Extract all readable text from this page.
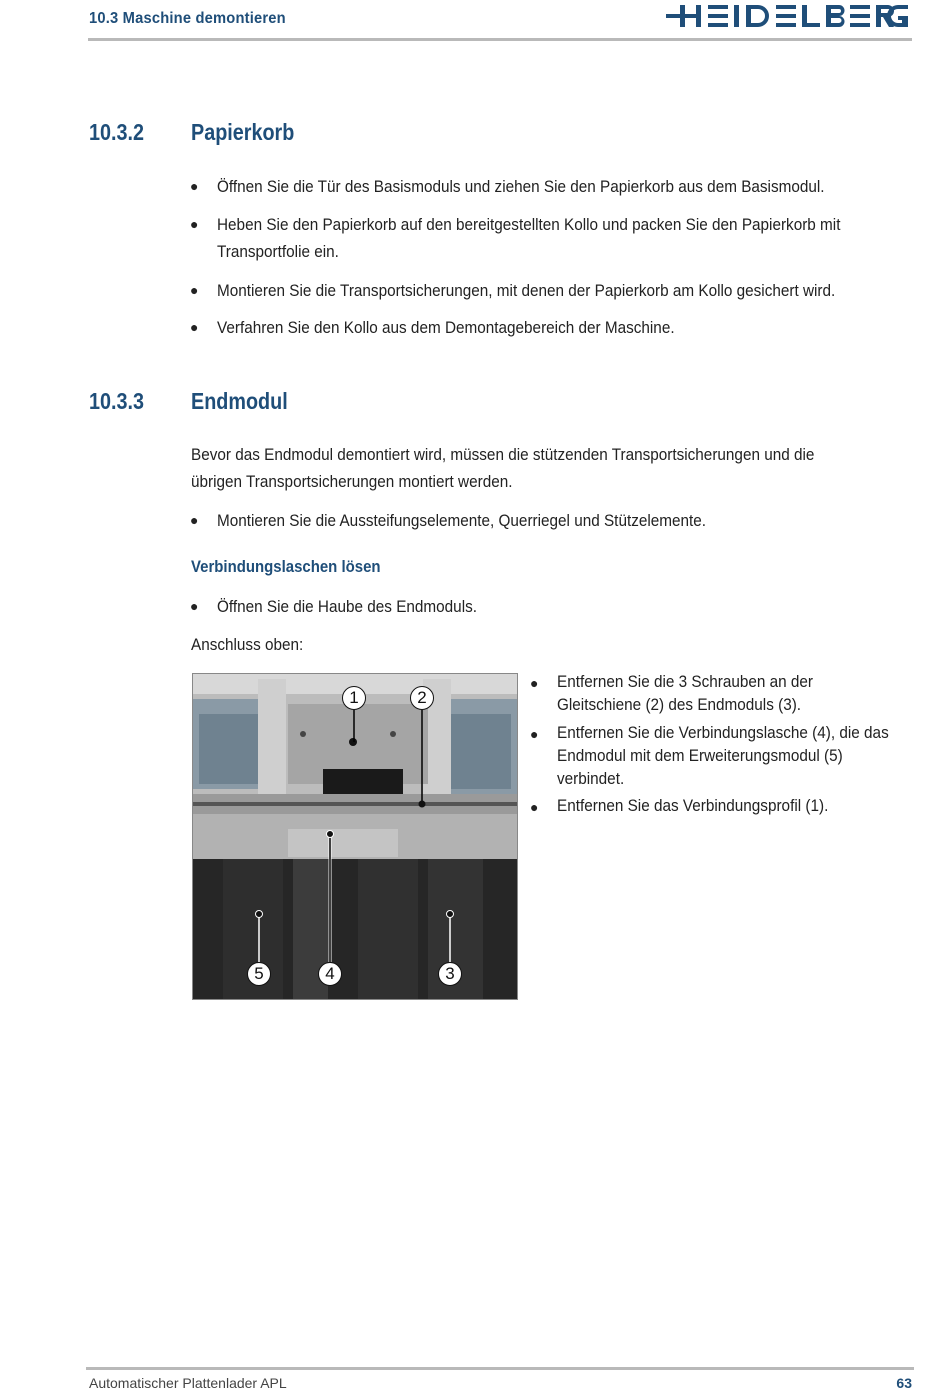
10.3 Maschine demontieren
10.3.2 Papierkorb
● Öffnen Sie die Tür des Basismoduls und ziehen Sie den Papierkorb aus dem Basismodul.
● Heben Sie den Papierkorb auf den bereitgestellten Kollo und packen Sie den Papierkorb mit
Transportfolie ein.
● Montieren Sie die Transportsicherungen, mit denen der Papierkorb am Kollo gesichert wird.
● Verfahren Sie den Kollo aus dem Demontagebereich der Maschine.
10.3.3 Endmodul
Bevor das Endmodul demontiert wird, müssen die stützenden Transportsicherungen und die
übrigen Transportsicherungen montiert werden.
● Montieren Sie die Aussteifungselemente, Querriegel und Stützelemente.
Verbindungslaschen lösen
● Öffnen Sie die Haube des Endmoduls.
Anschluss oben:
1	2
3
4
5
● Entfernen Sie die 3 Schrauben an der
Gleitschiene (2) des Endmoduls (3).
● Entfernen Sie die Verbindungslasche (4), die das
Endmodul mit dem Erweiterungsmodul (5)
verbindet.
● Entfernen Sie das Verbindungsprofil (1).
Automatischer Plattenlader APL	63
